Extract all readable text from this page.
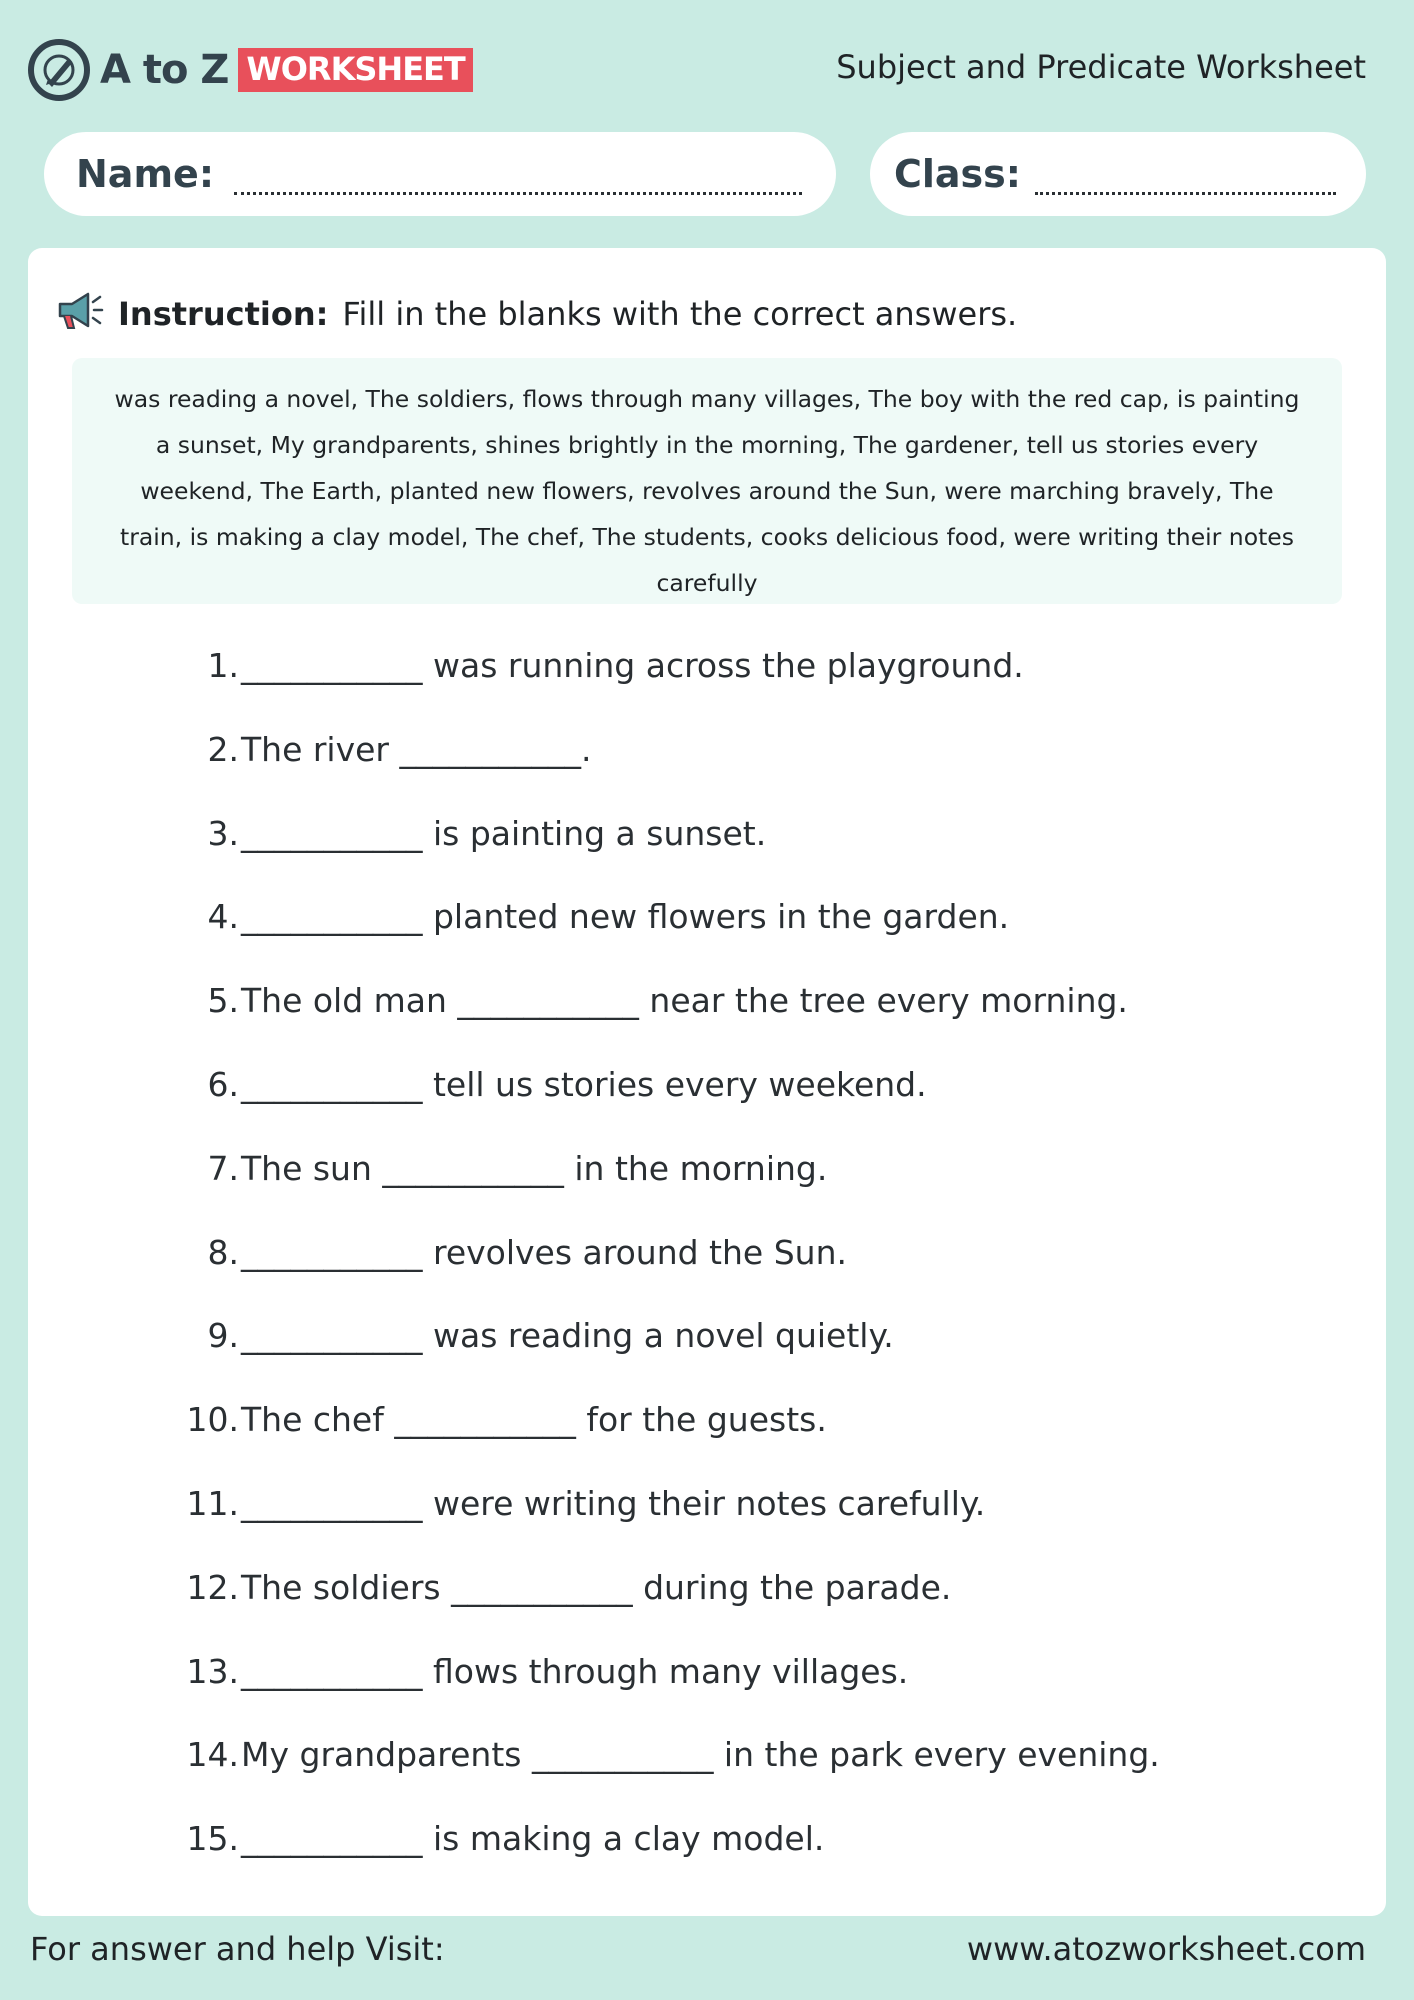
A to Z WORKSHEET	Subject and Predicate Worksheet
Name:	Class:
Instruction: Fill in the blanks with the correct answers.
was reading a novel, The soldiers, flows through many villages, The boy with the red cap, is painting a sunset, My grandparents, shines brightly in the morning, The gardener, tell us stories every weekend, The Earth, planted new flowers, revolves around the Sun, were marching bravely, The train, is making a clay model, The chef, The students, cooks delicious food, were writing their notes carefully
1. ___________ was running across the playground.
2. The river ___________.
3. ___________ is painting a sunset.
4. ___________ planted new flowers in the garden.
5. The old man ___________ near the tree every morning.
6. ___________ tell us stories every weekend.
7. The sun ___________ in the morning.
8. ___________ revolves around the Sun.
9. ___________ was reading a novel quietly.
10. The chef ___________ for the guests.
11. ___________ were writing their notes carefully.
12. The soldiers ___________ during the parade.
13. ___________ flows through many villages.
14. My grandparents ___________ in the park every evening.
15. ___________ is making a clay model.
For answer and help Visit:	www.atozworksheet.com
